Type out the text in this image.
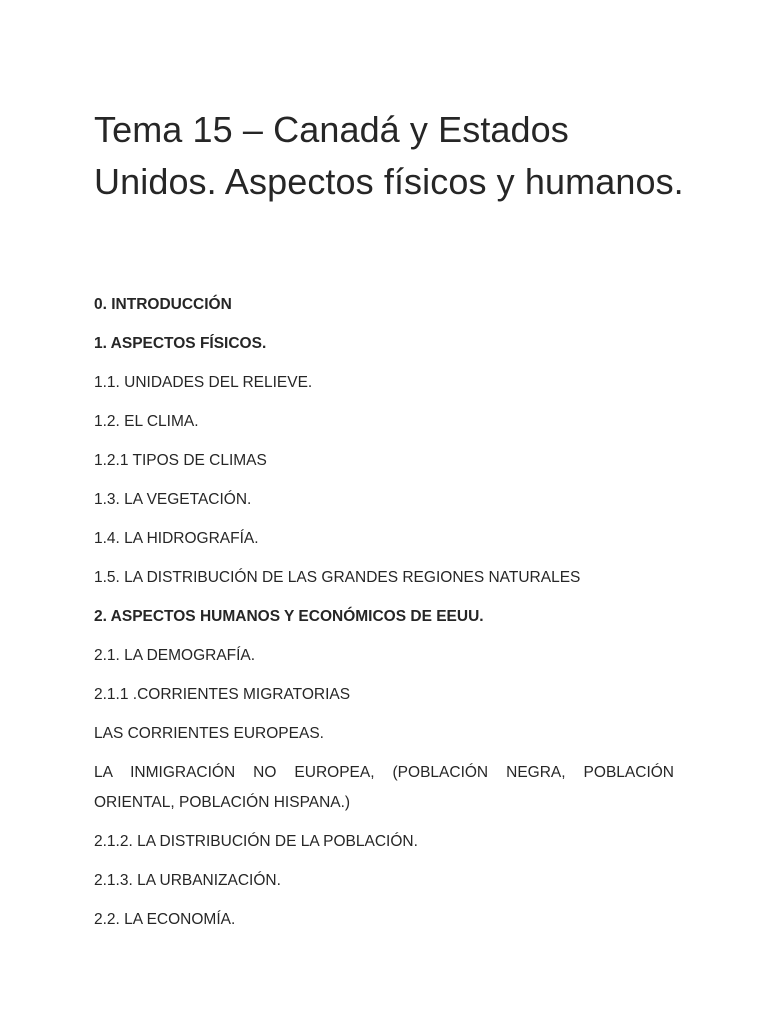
Tema 15 – Canadá y Estados Unidos. Aspectos físicos y humanos.
0. INTRODUCCIÓN
1. ASPECTOS FÍSICOS.
1.1. UNIDADES DEL RELIEVE.
1.2. EL CLIMA.
1.2.1 TIPOS DE CLIMAS
1.3. LA VEGETACIÓN.
1.4. LA HIDROGRAFÍA.
1.5. LA DISTRIBUCIÓN DE LAS GRANDES REGIONES NATURALES
2. ASPECTOS HUMANOS Y ECONÓMICOS DE EEUU.
2.1. LA DEMOGRAFÍA.
2.1.1 .CORRIENTES MIGRATORIAS
LAS CORRIENTES EUROPEAS.
LA INMIGRACIÓN NO EUROPEA, (POBLACIÓN NEGRA, POBLACIÓN ORIENTAL, POBLACIÓN HISPANA.)
2.1.2. LA DISTRIBUCIÓN DE LA POBLACIÓN.
2.1.3. LA URBANIZACIÓN.
2.2. LA ECONOMÍA.
